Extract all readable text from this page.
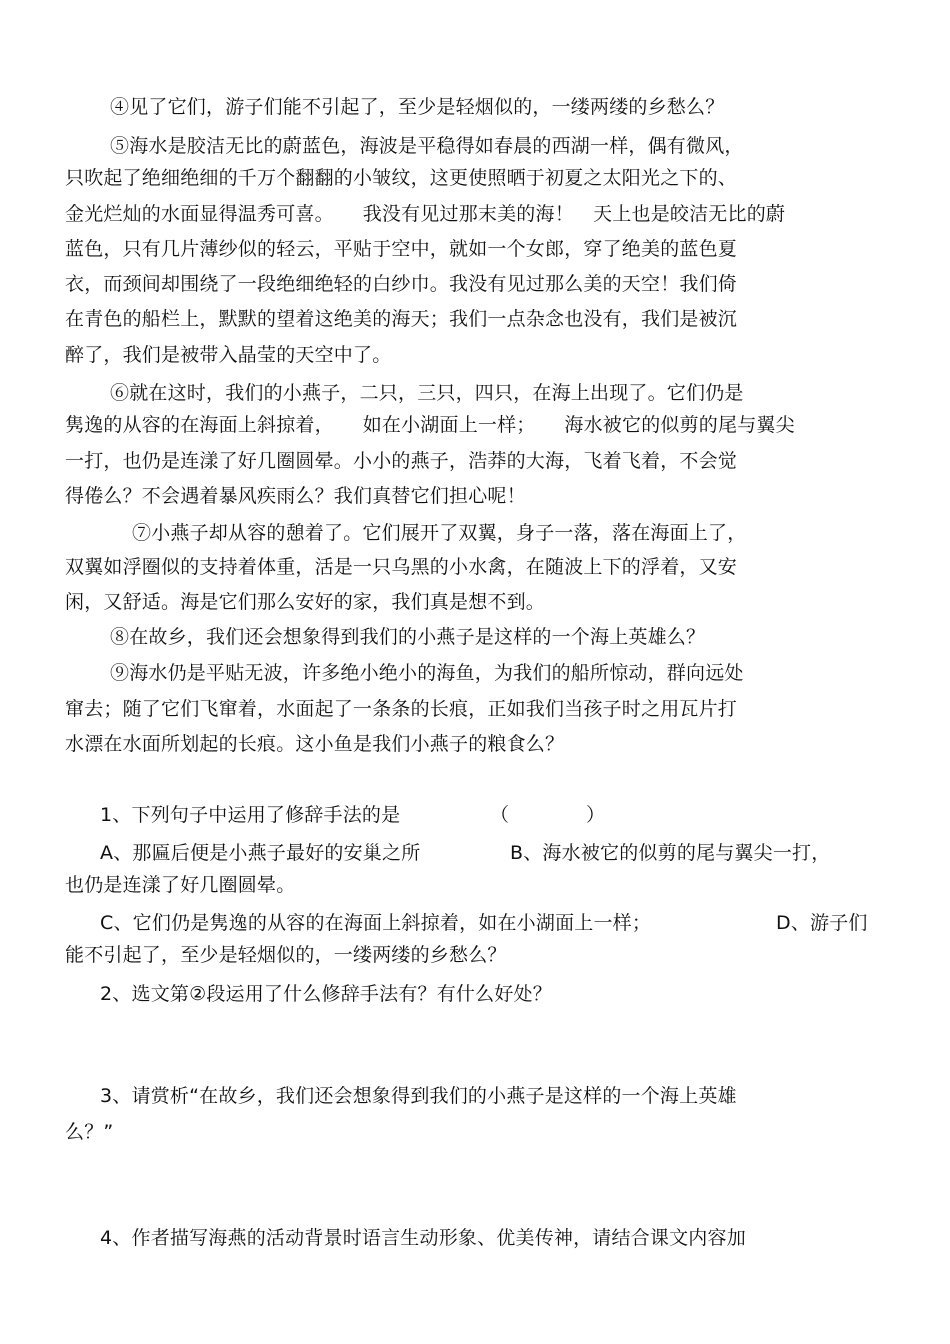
④见了它们，游子们能不引起了，至少是轻烟似的，一缕两缕的乡愁么？
⑤海水是胶洁无比的蔚蓝色，海波是平稳得如春晨的西湖一样，偶有微风，
只吹起了绝细绝细的千万个翻翻的小皱纹，这更使照晒于初夏之太阳光之下的、
金光烂灿的水面显得温秀可喜。　　我没有见过那末美的海！　天上也是皎洁无比的蔚
蓝色，只有几片薄纱似的轻云，平贴于空中，就如一个女郎，穿了绝美的蓝色夏
衣，而颈间却围绕了一段绝细绝轻的白纱巾。我没有见过那么美的天空！我们倚
在青色的船栏上，默默的望着这绝美的海天；我们一点杂念也没有，我们是被沉
醉了，我们是被带入晶莹的天空中了。
⑥就在这时，我们的小燕子，二只，三只，四只，在海上出现了。它们仍是
隽逸的从容的在海面上斜掠着，　　如在小湖面上一样；　　海水被它的似剪的尾与翼尖
一打，也仍是连漾了好几圈圆晕。小小的燕子，浩莽的大海，飞着飞着，不会觉
得倦么？不会遇着暴风疾雨么？我们真替它们担心呢！
⑦小燕子却从容的憩着了。它们展开了双翼，身子一落，落在海面上了，
双翼如浮圈似的支持着体重，活是一只乌黑的小水禽，在随波上下的浮着，又安
闲，又舒适。海是它们那么安好的家，我们真是想不到。
⑧在故乡，我们还会想象得到我们的小燕子是这样的一个海上英雄么？
⑨海水仍是平贴无波，许多绝小绝小的海鱼，为我们的船所惊动，群向远处
窜去；随了它们飞窜着，水面起了一条条的长痕，正如我们当孩子时之用瓦片打
水漂在水面所划起的长痕。这小鱼是我们小燕子的粮食么？
1、下列句子中运用了修辞手法的是	（　　　　）
A、那匾后便是小燕子最好的安巢之所	B、海水被它的似剪的尾与翼尖一打，
也仍是连漾了好几圈圆晕。
C、它们仍是隽逸的从容的在海面上斜掠着，如在小湖面上一样；	D、游子们
能不引起了，至少是轻烟似的，一缕两缕的乡愁么？
2、选文第②段运用了什么修辞手法有？有什么好处？
3、请赏析“在故乡，我们还会想象得到我们的小燕子是这样的一个海上英雄
么？”
4、作者描写海燕的活动背景时语言生动形象、优美传神，请结合课文内容加
